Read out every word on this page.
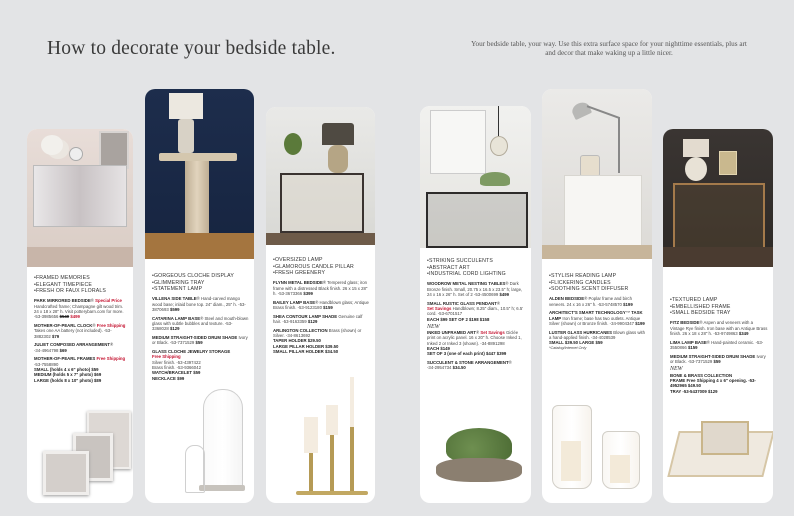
How to decorate your bedside table.	Your bedside table, your way. Use this extra surface space for your nighttime essentials, plus art and decor that make waking up a little nicer.
• FRAMED MEMORIES
• ELEGANT TIMEPIECE
• FRESH OR FAUX FLORALS
PARK MIRRORED BEDSIDE® Special Price Handcrafted frame; Champagne gilt wood trim. 24 x 18 x 28" h. Visit potterybarn.com for more. -53-3985656 $540 $499
MOTHER-OF-PEARL CLOCK® Free Shipping Takes one AA battery (not included). -53-3882302 $79
JULIET COMPOSED ARRANGEMENT®
-34-4964798 $69
MOTHER-OF-PEARL FRAMES Free Shipping -53-7558890
SMALL (holds 4 x 6" photo) $59
MEDIUM (holds 5 x 7" photo) $69
LARGE (holds 8 x 10" photo) $89
• GORGEOUS CLOCHE DISPLAY
• GLIMMERING TRAY
• STATEMENT LAMP
VILLENA SIDE TABLE® Hand-carved mango wood base; inlaid bone top. 24" diam., 25" h. -53-3870693 $599
CATARINA LAMP BASE® Steel and mouth-blown glass with subtle bubbles and texture. -53-3368028 $129
MEDIUM STRAIGHT-SIDED DRUM SHADE Ivory or Black. -53-7371529 $59
GLASS CLOCHE JEWELRY STORAGE
Free Shipping
Silver finish. -53-4397422
Brass finish. -53-9366042
WATCH/BRACELET $59
NECKLACE $99
• OVERSIZED LAMP
• GLAMOROUS CANDLE PILLAR
• FRESH GREENERY
FLYNN METAL BEDSIDE® Tempered glass; iron frame with a distressed Black finish. 26 x 15 x 28" h. -53-3673366 $399
BAILEY LAMP BASE® Handblown glass; Antique Brass finish. -53-9123180 $159
SHEA CONTOUR LAMP SHADE Genuine calf hair. -53-9163359 $129
ARLINGTON COLLECTION Brass (shown) or Silver. -34-8613692
TAPER HOLDER $29.50
LARGE PILLAR HOLDER $39.50
SMALL PILLAR HOLDER $34.50
• STRIKING SUCCULENTS
• ABSTRACT ART
• INDUSTRIAL CORD LIGHTING
WOODROW METAL NESTING TABLES® Dark Bronze finish. Small, 20.75 x 16.5 x 23.5" h; large, 24 x 16 x 26" h. Set of 2 -53-4500699 $499
SMALL RUSTIC GLASS PENDANT®
Set Savings Handblown; 8.25" diam., 10.5" h; 6.5' cord. -53-6701517
EACH $99 SET OF 2 $198 $158
NEW
INKED UNFRAMED ART® Set Savings Giclée print on acrylic panel. 16 x 20" h. Choose Inked 1, Inked 2 or Inked 3 (shown). -34-8891298
EACH $149
SET OF 3 (one of each print) $447 $399
SUCCULENT & STONE ARRANGEMENT®
-34-2954734 $34.50
• STYLISH READING LAMP
• FLICKERING CANDLES
• SOOTHING SCENT DIFFUSER
ALDEN BEDSIDE® Poplar frame and birch veneers. 24 x 16 x 26" h. -53-5748570 $199
ARCHITECT'S SMART TECHNOLOGY™ TASK LAMP Iron frame; base has two outlets. Antique Silver (shown) or Bronze finish. -34-9904347 $199
LUSTER GLASS HURRICANES Blown glass with a hand-applied finish. -34-4028539
SMALL $39.50 LARGE $59
*Catalog/Internet Only
• TEXTURED LAMP
• EMBELLISHED FRAME
• SMALL BEDSIDE TRAY
FITZ BEDSIDE® Aspen and veneers with a Vintage Rye finish. Iron base with an Antique Brass finish. 26 x 18 x 28" h. -53-9749863 $349
LIMA LAMP BASE® Hand-painted ceramic. -53-3550866 $159
MEDIUM STRAIGHT-SIDED DRUM SHADE Ivory or Black. -53-7371529 $59
NEW
BONE & BRASS COLLECTION
FRAME Free Shipping 4 x 6" opening. -53-4952965 $49.50
TRAY -53-5437009 $129
